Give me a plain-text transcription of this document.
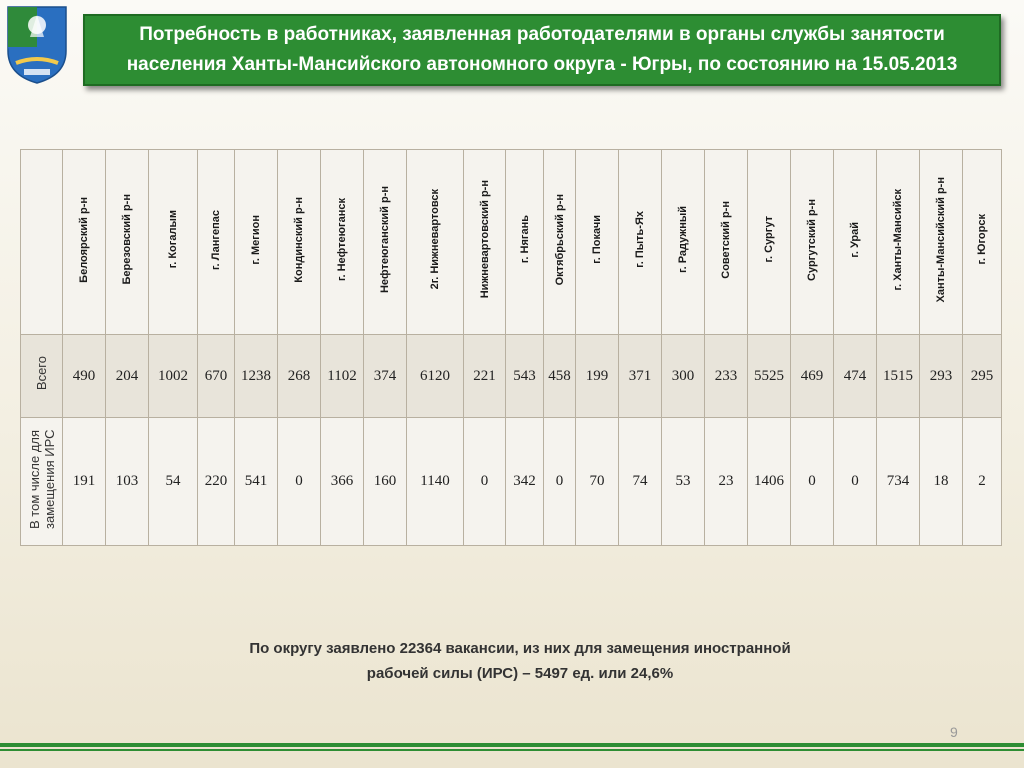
Потребность в работниках, заявленная работодателями в органы службы занятости
населения Ханты-Мансийского автономного округа - Югры, по состоянию на 15.05.2013
	Белоярский р-н	Березовский р-н	г. Когалым	г. Лангепас	г. Мегион	Кондинский р-н	г. Нефтеюганск	Нефтеюганский р-н	2г. Нижневартовск	Нижневартовский р-н	г. Нягань	Октябрьский р-н	г. Покачи	г. Пыть-Ях	г. Радужный	Советский р-н	г. Сургут	Сургутский р-н	г. Урай	г. Ханты-Мансийск	Ханты-Мансийский р-н	г. Югорск
Всего	490	204	1002	670	1238	268	1102	374	6120	221	543	458	199	371	300	233	5525	469	474	1515	293	295
В том числе для замещения ИРС	191	103	54	220	541	0	366	160	1140	0	342	0	70	74	53	23	1406	0	0	734	18	2
По округу заявлено 22364 вакансии, из них для замещения иностранной
рабочей силы (ИРС) – 5497 ед. или 24,6%
9
